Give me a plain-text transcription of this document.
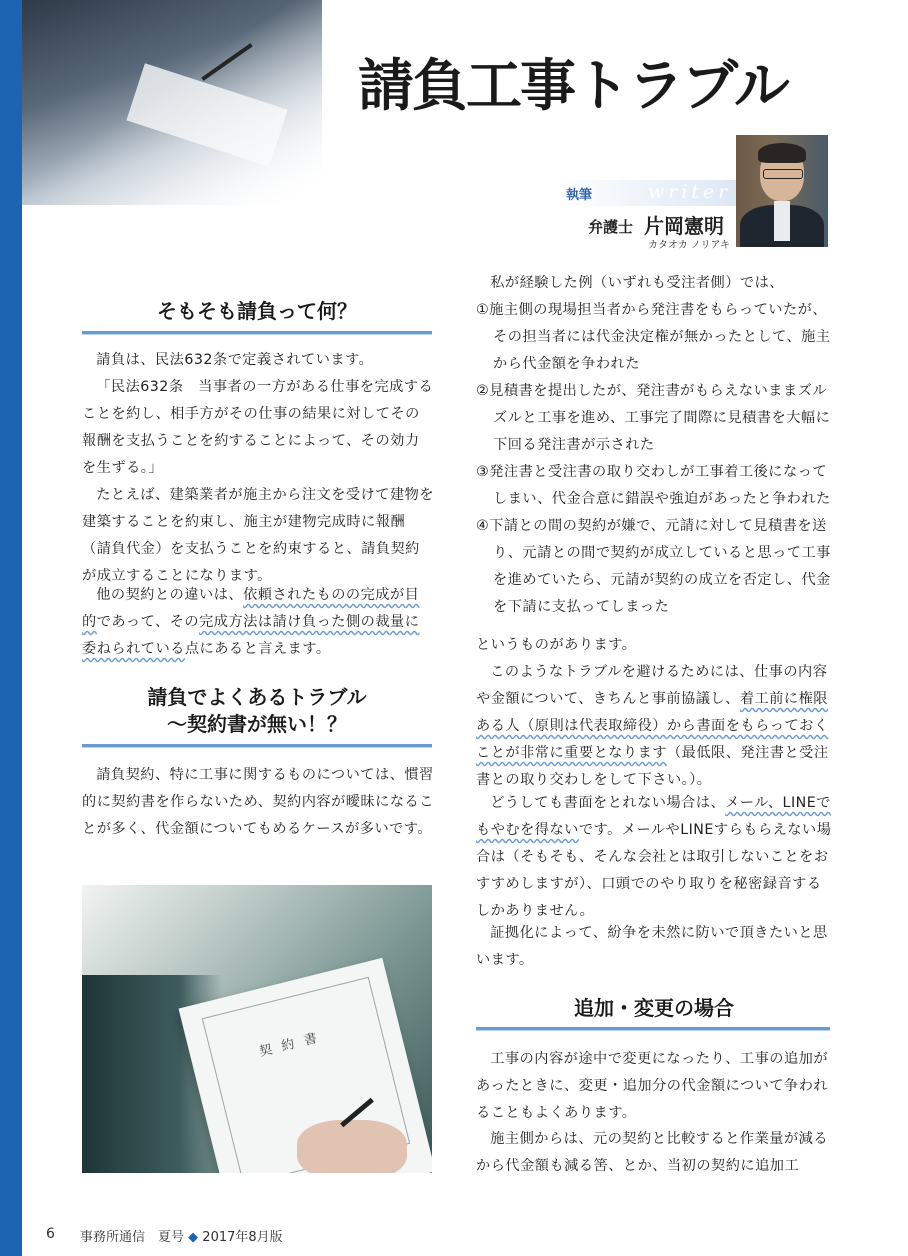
請負工事トラブル
執筆	writer
弁護士 片岡憲明
カタオカ ノリアキ
そもそも請負って何？

請負は、民法632条で定義されています。

「民法632条　当事者の一方がある仕事を完成することを約し、相手方がその仕事の結果に対してその報酬を支払うことを約することによって、その効力を生ずる。」

たとえば、建築業者が施主から注文を受けて建物を建築することを約束し、施主が建物完成時に報酬（請負代金）を支払うことを約束すると、請負契約が成立することになります。

他の契約との違いは、依頼されたものの完成が目的であって、その完成方法は請け負った側の裁量に委ねられている点にあると言えます。

請負でよくあるトラブル
〜契約書が無い！？

請負契約、特に工事に関するものについては、慣習的に契約書を作らないため、契約内容が曖昧になることが多く、代金額についてもめるケースが多いです。

契約書

私が経験した例（いずれも受注者側）では、

①施主側の現場担当者から発注書をもらっていたが、その担当者には代金決定権が無かったとして、施主から代金額を争われた
②見積書を提出したが、発注書がもらえないままズルズルと工事を進め、工事完了間際に見積書を大幅に下回る発注書が示された
③発注書と受注書の取り交わしが工事着工後になってしまい、代金合意に錯誤や強迫があったと争われた
④下請との間の契約が嫌で、元請に対して見積書を送り、元請との間で契約が成立していると思って工事を進めていたら、元請が契約の成立を否定し、代金を下請に支払ってしまった

というものがあります。

このようなトラブルを避けるためには、仕事の内容や金額について、きちんと事前協議し、着工前に権限ある人（原則は代表取締役）から書面をもらっておくことが非常に重要となります（最低限、発注書と受注書との取り交わしをして下さい。）。

どうしても書面をとれない場合は、メール、LINEでもやむを得ないです。メールやLINEすらもらえない場合は（そもそも、そんな会社とは取引しないことをおすすめしますが）、口頭でのやり取りを秘密録音するしかありません。

証拠化によって、紛争を未然に防いで頂きたいと思います。

追加・変更の場合

工事の内容が途中で変更になったり、工事の追加があったときに、変更・追加分の代金額について争われることもよくあります。

施主側からは、元の契約と比較すると作業量が減るから代金額も減る筈、とか、当初の契約に追加工

6 事務所通信　夏号 ◆ 2017年8月版
